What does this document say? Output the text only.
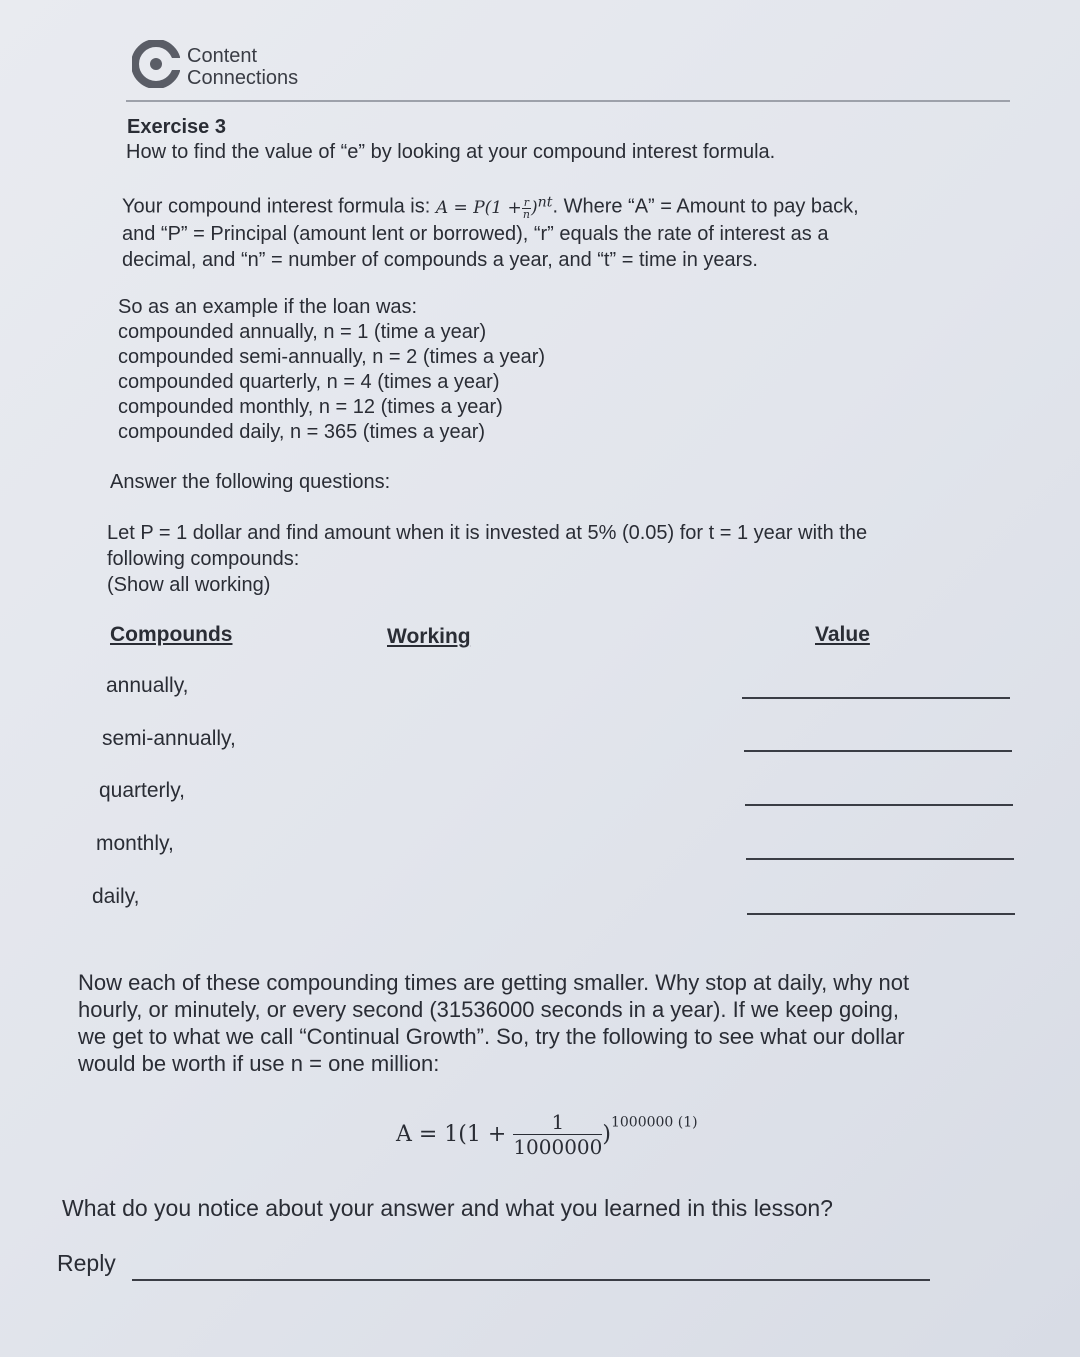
Content
Connections
Exercise 3
How to find the value of “e” by looking at your compound interest formula.

Your compound interest formula is: $A = P(1 + \frac{r}{n} )^{nt}$. Where “A” = Amount to pay back,

and “P” = Principal (amount lent or borrowed), “r” equals the rate of interest as a

decimal, and “n” = number of compounds a year, and “t” = time in years.

So as an example if the loan was:
compounded annually, n = 1 (time a year)
compounded semi-annually, n = 2 (times a year)
compounded quarterly, n = 4 (times a year)
compounded monthly, n = 12 (times a year)
compounded daily, n = 365 (times a year)
Answer the following questions:

Let P = 1 dollar and find amount when it is invested at 5% (0.05) for t = 1 year with the

following compounds:

(Show all working)

Compounds	Working	Value
annually,
semi-annually,
quarterly,
monthly,
daily,
Now each of these compounding times are getting smaller. Why stop at daily, why not
hourly, or minutely, or every second (31536000 seconds in a year). If we keep going,
we get to what we call “Continual Growth”. So, try the following to see what our dollar
would be worth if use n = one million:
$A = 1(1 + \frac{1}{1000000} )^{1000000 (1)}$
What do you notice about your answer and what you learned in this lesson?
Reply
